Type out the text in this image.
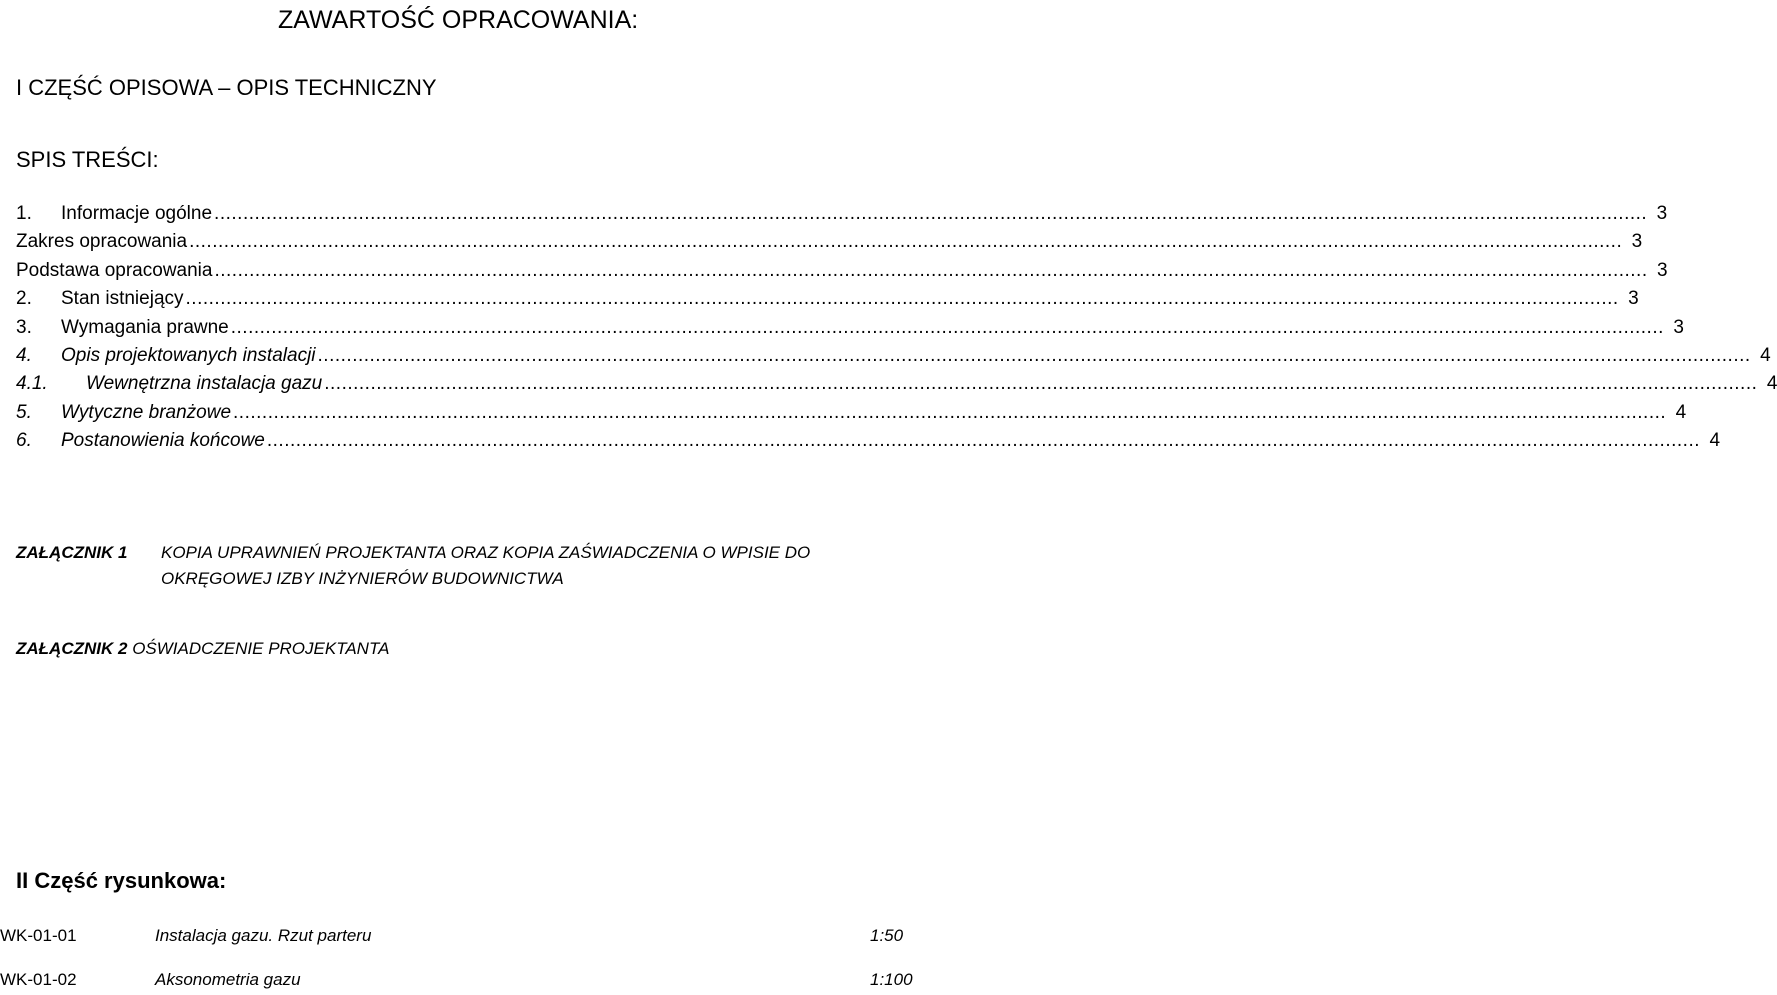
ZAWARTOŚĆ OPRACOWANIA:
I CZĘŚĆ OPISOWA – OPIS TECHNICZNY
SPIS TREŚCI:
1.	Informacje ogólne .....	3
Zakres opracowania .....	3
Podstawa opracowania .....	3
2.	Stan istniejący .....	3
3.	Wymagania prawne .....	3
4.	Opis projektowanych instalacji .....	4
4.1.	Wewnętrzna instalacja gazu .....	4
5.	Wytyczne branżowe .....	4
6.	Postanowienia końcowe .....	4
ZAŁĄCZNIK 1 KOPIA UPRAWNIEŃ PROJEKTANTA ORAZ KOPIA ZAŚWIADCZENIA O WPISIE DO
OKRĘGOWEJ IZBY INŻYNIERÓW BUDOWNICTWA
ZAŁĄCZNIK 2 OŚWIADCZENIE PROJEKTANTA
II Część rysunkowa:
WK-01-01	Instalacja gazu. Rzut parteru	1:50
WK-01-02	Aksonometria gazu	1:100
